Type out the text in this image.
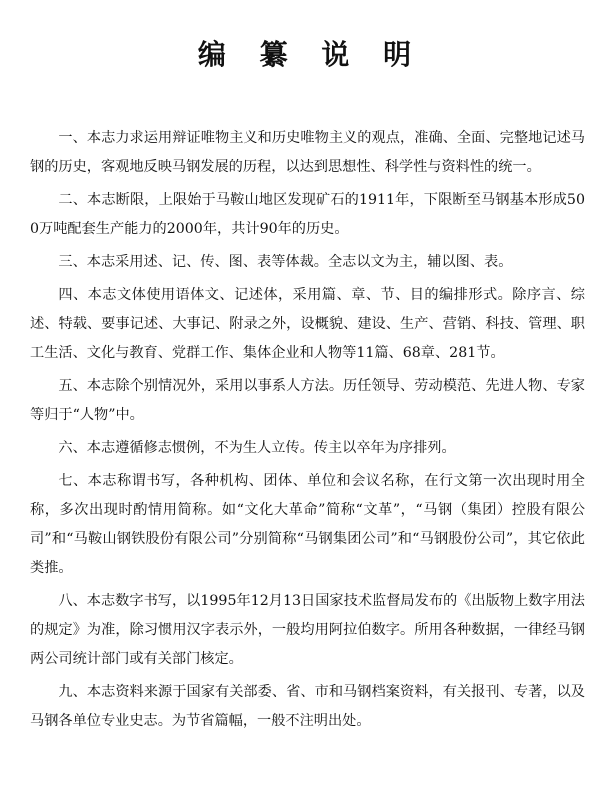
编 纂 说 明

一、本志力求运用辩证唯物主义和历史唯物主义的观点，准确、全面、完整地记述马钢的历史，客观地反映马钢发展的历程，以达到思想性、科学性与资料性的统一。

二、本志断限，上限始于马鞍山地区发现矿石的1911年，下限断至马钢基本形成500万吨配套生产能力的2000年，共计90年的历史。

三、本志采用述、记、传、图、表等体裁。全志以文为主，辅以图、表。

四、本志文体使用语体文、记述体，采用篇、章、节、目的编排形式。除序言、综述、特载、要事记述、大事记、附录之外，设概貌、建设、生产、营销、科技、管理、职工生活、文化与教育、党群工作、集体企业和人物等11篇、68章、281节。

五、本志除个别情况外，采用以事系人方法。历任领导、劳动模范、先进人物、专家等归于“人物”中。

六、本志遵循修志惯例，不为生人立传。传主以卒年为序排列。

七、本志称谓书写，各种机构、团体、单位和会议名称，在行文第一次出现时用全称，多次出现时酌情用简称。如“文化大革命”简称“文革”，“马钢（集团）控股有限公司”和“马鞍山钢铁股份有限公司”分别简称“马钢集团公司”和“马钢股份公司”，其它依此类推。

八、本志数字书写，以1995年12月13日国家技术监督局发布的《出版物上数字用法的规定》为准，除习惯用汉字表示外，一般均用阿拉伯数字。所用各种数据，一律经马钢两公司统计部门或有关部门核定。

九、本志资料来源于国家有关部委、省、市和马钢档案资料，有关报刊、专著，以及马钢各单位专业史志。为节省篇幅，一般不注明出处。
